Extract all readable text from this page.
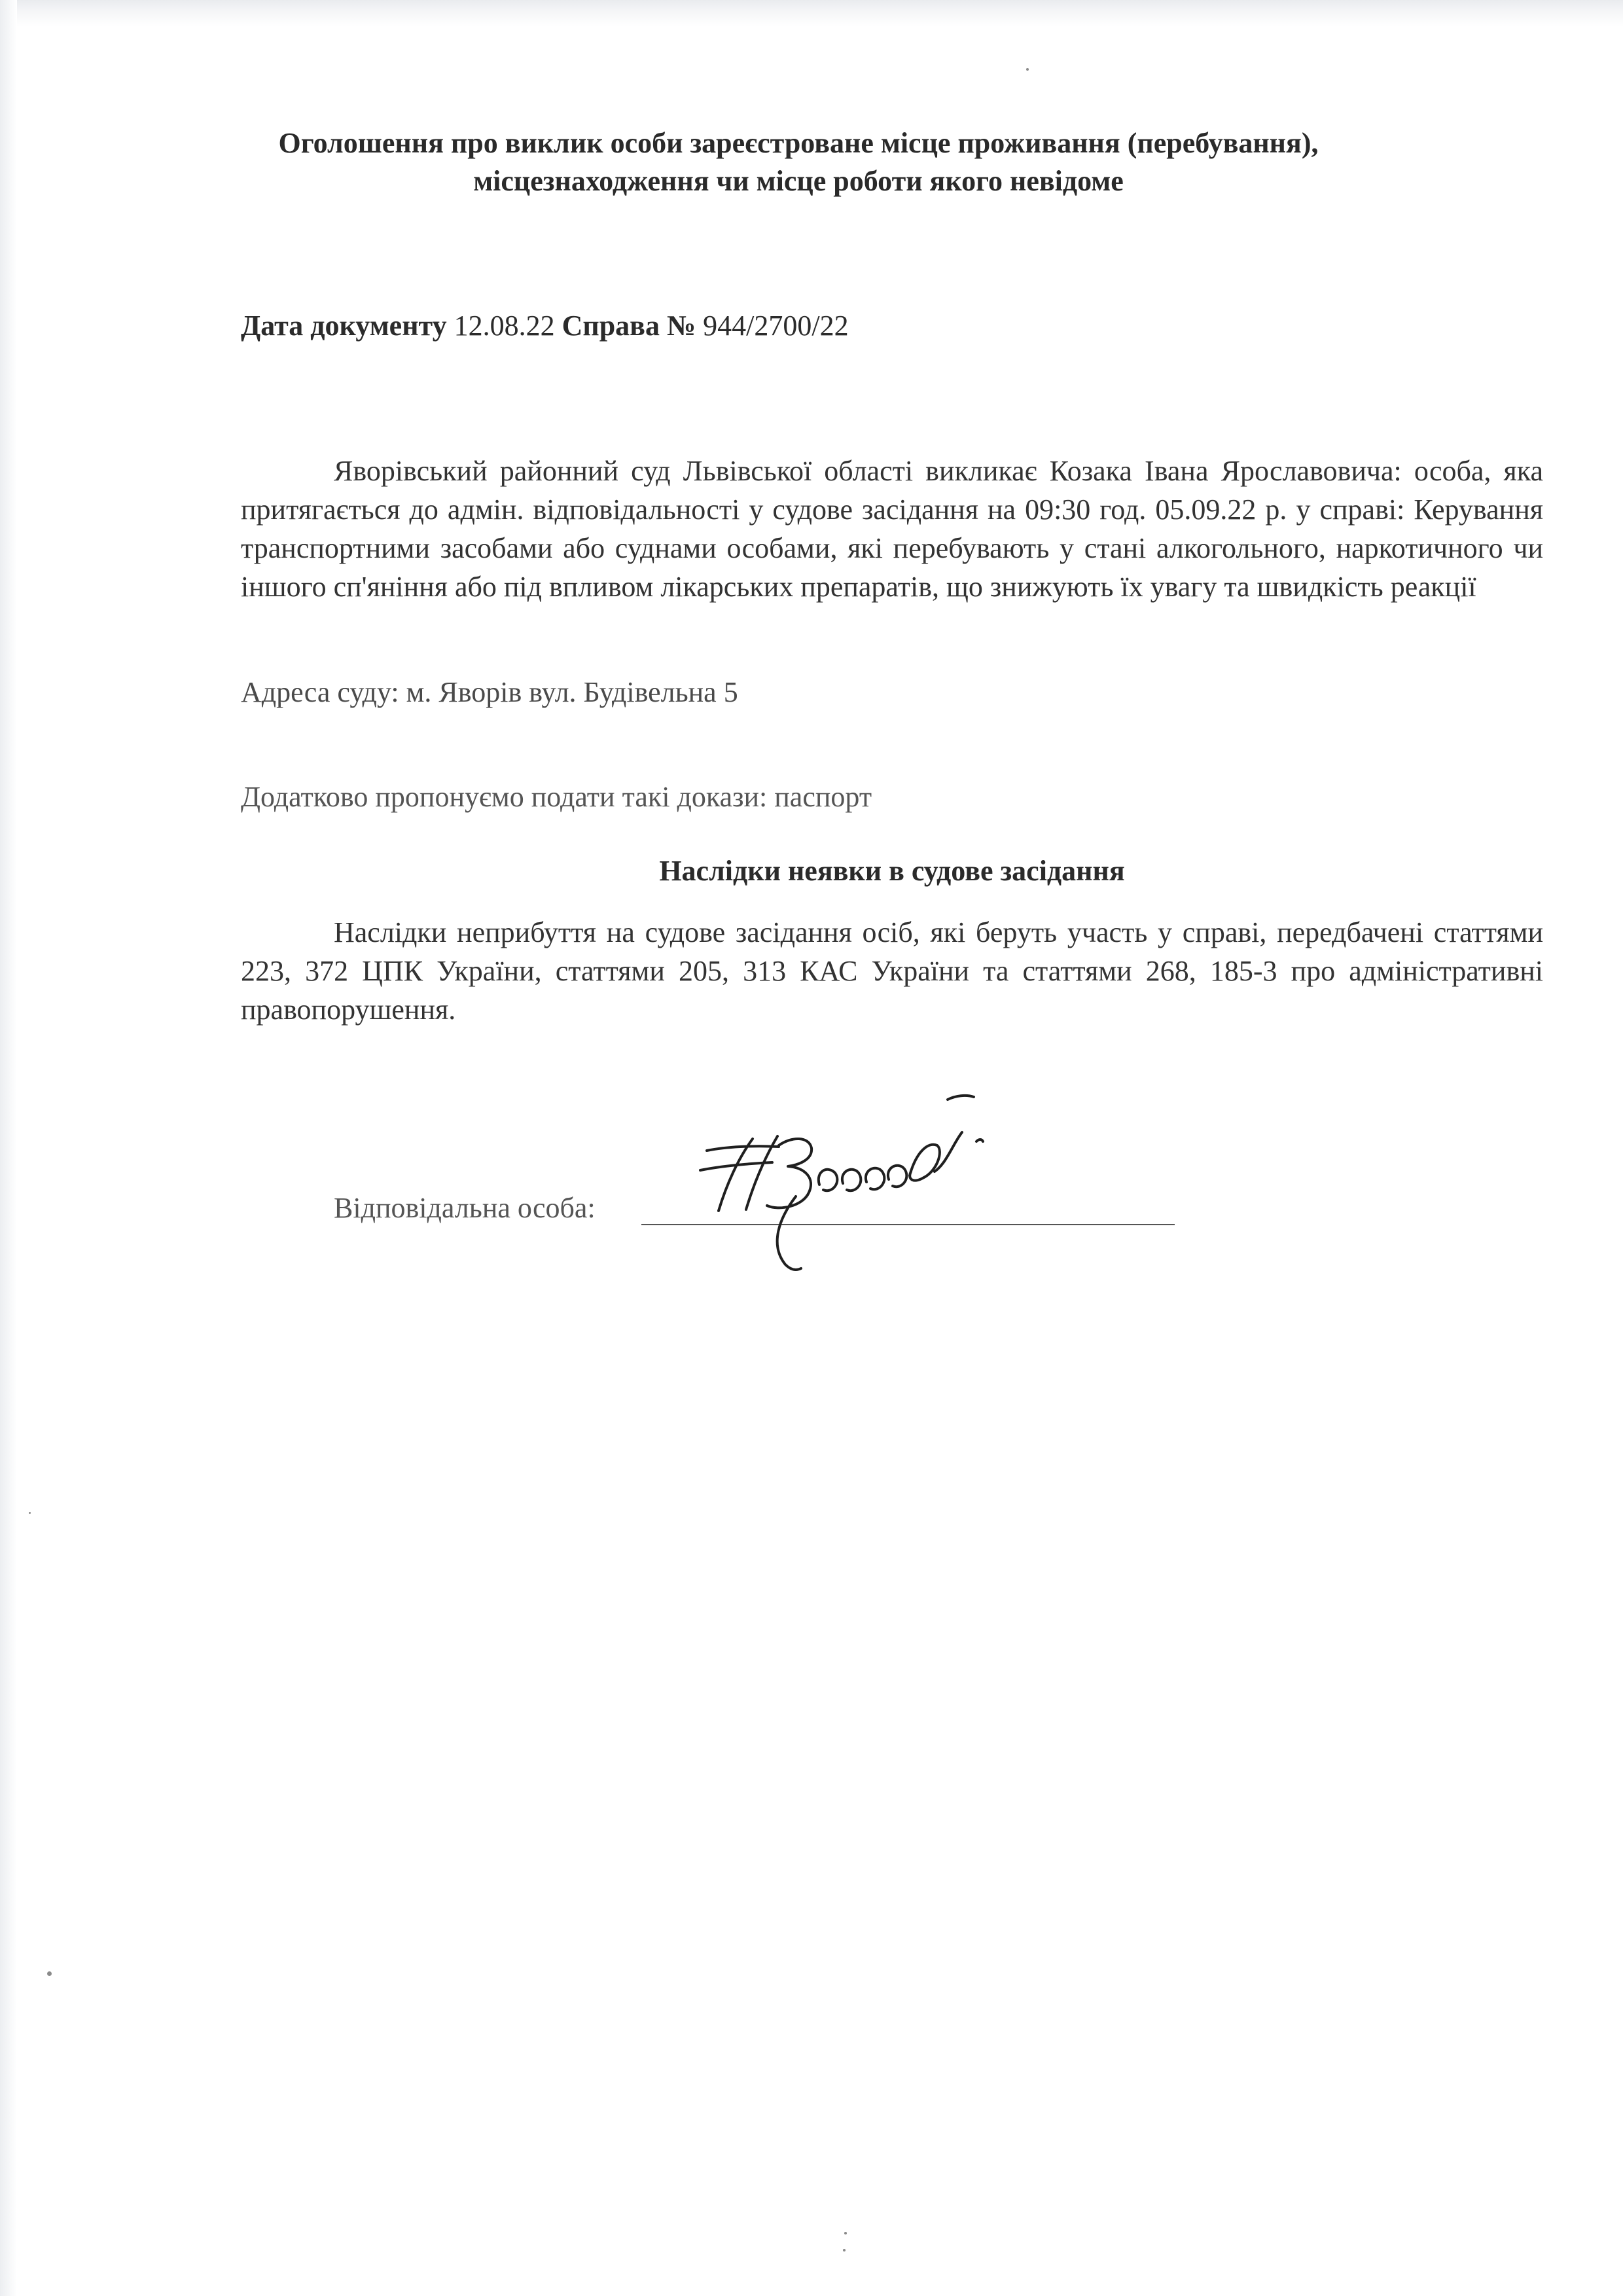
Оголошення про виклик особи зареєстроване місце проживання (перебування),
місцезнаходження чи місце роботи якого невідоме
Дата документу 12.08.22 Справа № 944/2700/22
Яворівський районний суд Львівської області викликає Козака Івана Ярославовича: особа, яка притягається до адмін. відповідальності у судове засідання на 09:30 год. 05.09.22 р. у справі: Керування транспортними засобами або суднами особами, які перебувають у стані алкогольного, наркотичного чи іншого сп'яніння або під впливом лікарських препаратів, що знижують їх увагу та швидкість реакції
Адреса суду: м. Яворів вул. Будівельна 5
Додатково пропонуємо подати такі докази: паспорт
Наслідки неявки в судове засідання
Наслідки неприбуття на судове засідання осіб, які беруть участь у справі, передбачені статтями 223, 372 ЦПК України, статтями 205, 313 КАС України та статтями 268, 185-3 про адміністративні правопорушення.
Відповідальна особа:
